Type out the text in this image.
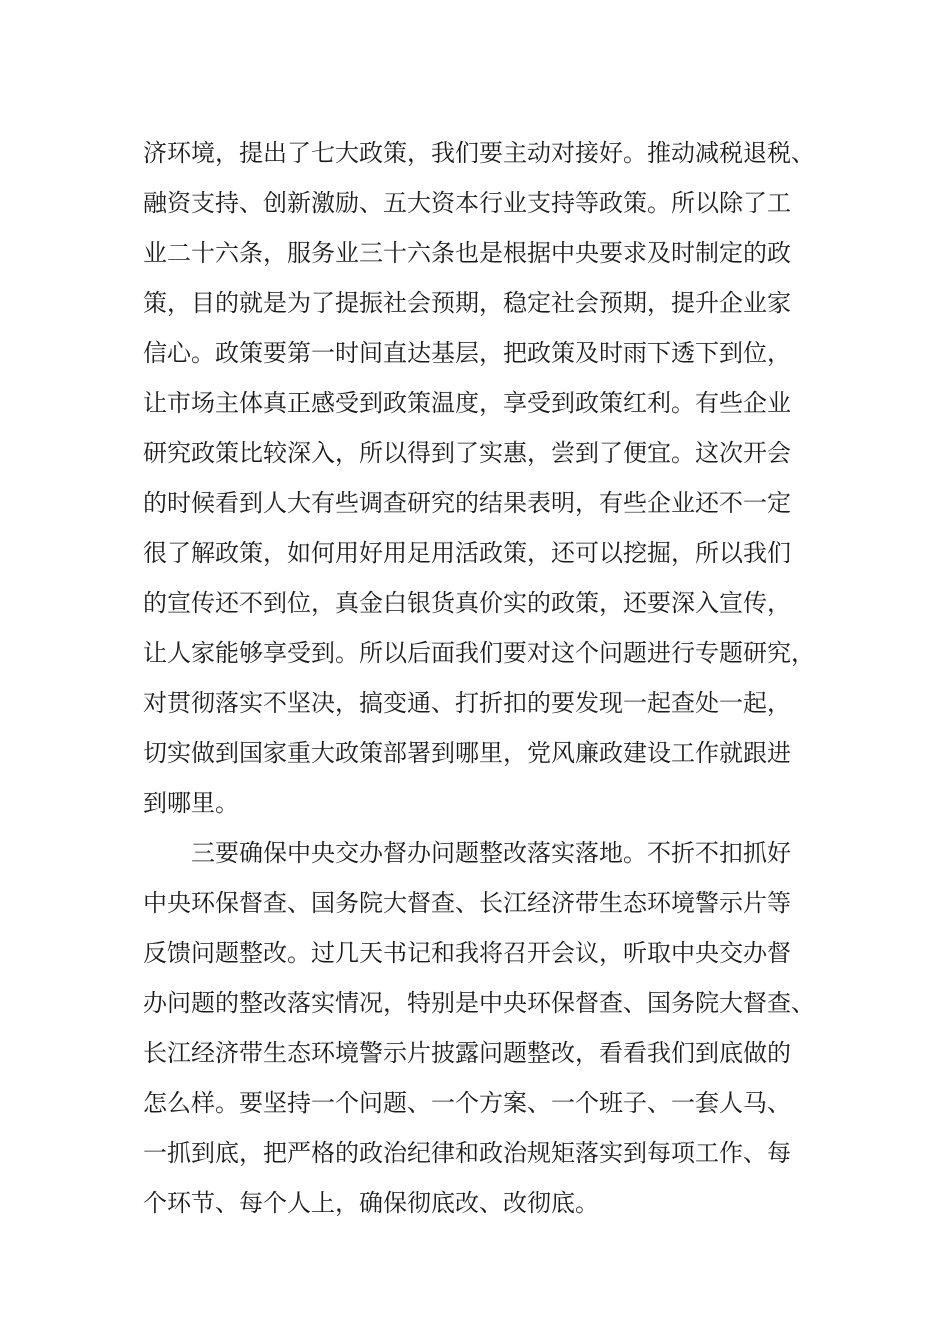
济环境，提出了七大政策，我们要主动对接好。推动减税退税、
融资支持、创新激励、五大资本行业支持等政策。所以除了工
业二十六条，服务业三十六条也是根据中央要求及时制定的政
策，目的就是为了提振社会预期，稳定社会预期，提升企业家
信心。政策要第一时间直达基层，把政策及时雨下透下到位，
让市场主体真正感受到政策温度，享受到政策红利。有些企业
研究政策比较深入，所以得到了实惠，尝到了便宜。这次开会
的时候看到人大有些调查研究的结果表明，有些企业还不一定
很了解政策，如何用好用足用活政策，还可以挖掘，所以我们
的宣传还不到位，真金白银货真价实的政策，还要深入宣传，
让人家能够享受到。所以后面我们要对这个问题进行专题研究，
对贯彻落实不坚决，搞变通、打折扣的要发现一起查处一起，
切实做到国家重大政策部署到哪里，党风廉政建设工作就跟进
到哪里。
三要确保中央交办督办问题整改落实落地。不折不扣抓好
中央环保督查、国务院大督查、长江经济带生态环境警示片等
反馈问题整改。过几天书记和我将召开会议，听取中央交办督
办问题的整改落实情况，特别是中央环保督查、国务院大督查、
长江经济带生态环境警示片披露问题整改，看看我们到底做的
怎么样。要坚持一个问题、一个方案、一个班子、一套人马、
一抓到底，把严格的政治纪律和政治规矩落实到每项工作、每
个环节、每个人上，确保彻底改、改彻底。
